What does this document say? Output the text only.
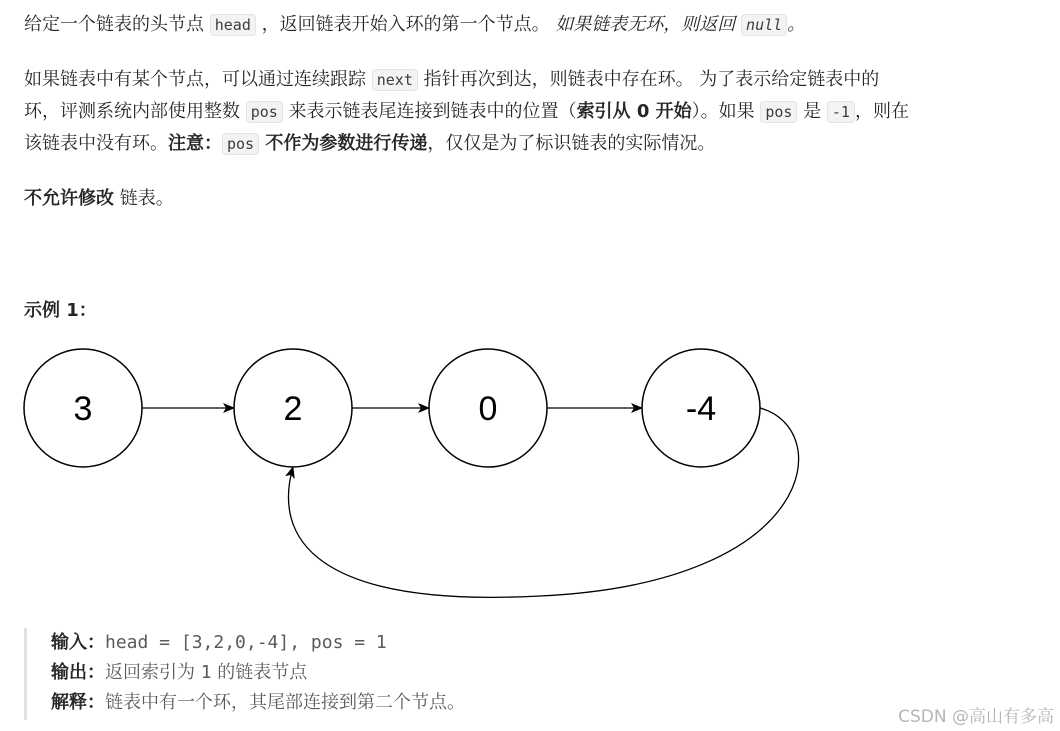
给定一个链表的头节点 head ，返回链表开始入环的第一个节点。 如果链表无环，则返回 null 。

如果链表中有某个节点，可以通过连续跟踪 next 指针再次到达，则链表中存在环。 为了表示给定链表中的

环，评测系统内部使用整数 pos 来表示链表尾连接到链表中的位置（索引从 0 开始）。如果 pos 是 -1 ，则在

该链表中没有环。注意： pos 不作为参数进行传递，仅仅是为了标识链表的实际情况。

不允许修改 链表。

示例 1：

3	2	0	-4
输入：head = [3,2,0,-4], pos = 1
输出：返回索引为 1 的链表节点
解释：链表中有一个环，其尾部连接到第二个节点。
CSDN @高山有多高
